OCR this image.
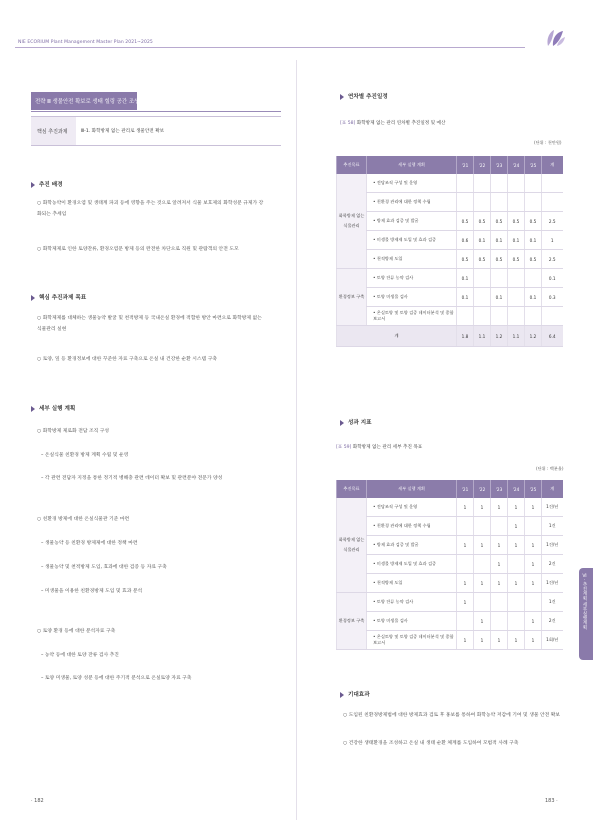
NIE ECORIUM Plant Management Master Plan 2021~2025
전략 Ⅲ 생물안전 확보로 생태 힐링 공간 조성
핵심 추진과제	Ⅲ-1. 화학방제 없는 관리로 생물안전 확보
추진 배경
○ 화학농약이 환경오염 및 생태계 파괴 등에 영향을 주는 것으로 알려져서 식물 보호제의 화학성분 규제가 강화되는 추세임
○ 화학제제로 인한 토양잔류, 환경오염문 방제 등의 완전한 차단으로 직원 및 관람객의 안전 도모
핵심 추진과제 목표
○ 화학제제를 대체하는 생물농약 발굴 및 천적방제 등 국내온실 환경에 적합한 방안 마련으로 화학방제 없는 식물관리 실현
○ 토양, 잎 등 환경정보에 대한 꾸준한 자료 구축으로 온실 내 건강한 순환 시스템 구축
세부 실행 계획
○ 화학방제 제로화 전담 조직 구성
– 온실식물 친환경 방제 계획 수립 및 운영
– 각 관련 전담자 지정을 통한 정기적 병해충 관련 데이터 확보 및 관련분야 전문가 양성
○ 친환경 방제에 대한 온실식물관 기준 마련
– 생물농약 등 친환경 방제제에 대한 정책 마련
– 생물농약 및 천적방제 도입, 효과에 대한 검증 등 자료 구축
– 미생물을 이용한 친환경방제 도입 및 효과 분석
○ 토양 환경 등에 대한 분석자료 구축
– 농약 등에 대한 토양 잔류 검사 추진
– 토양 미생물, 토양 성분 등에 대한 주기적 분석으로 온실토양 자료 구축
· 182
연차별 추진일정
[표 58] 화학방제 없는 관리 연차별 추진일정 및 예산
(단위 : 천만원)
추진목표	세부 실행 계획	'21	'22	'23	'24	'25	계
화학방제 없는 식물관리	• 전담조직 구성 및 운영						
	• 친환경 관리에 대한 정책 수립						
	• 방제 효과 검증 및 발굴	0.5	0.5	0.5	0.5	0.5	2.5
	• 미생물 방제제 도입 및 효과 검증	0.6	0.1	0.1	0.1	0.1	1
	• 천적방제 도입	0.5	0.5	0.5	0.5	0.5	2.5
환경정보 구축	• 토양 잔류 농약 검사	0.1					0.1
	• 토양 미생물 검사	0.1		0.1		0.1	0.3
	• 온실토양 및 토양 검증 데이터분석 및 종합보고서						
계		1.8	1.1	1.2	1.1	1.2	6.4
성과 지표
[표 59] 화학방제 없는 관리 세부 추진 목표
(단위 : 백분율)
추진목표	세부 실행 계획	'21	'22	'23	'24	'25	계
화학방제 없는 식물관리	• 전담조직 구성 및 운영	1	1	1	1	1	1건/년
	• 친환경 관리에 대한 정책 수립				1		1건
	• 방제 효과 검증 및 발굴	1	1	1	1	1	1건/년
	• 미생물 방제제 도입 및 효과 검증			1		1	2건
	• 천적방제 도입	1	1	1	1	1	1건/년
환경정보 구축	• 토양 잔류 농약 검사	1					1건
	• 토양 미생물 검사		1			1	2건
	• 온실토양 및 토양 검증 데이터분석 및 종합보고서	1	1	1	1	1	1회/년
기대효과
○ 도입된 친환경방제법에 대한 방제효과 검토 후 홍보를 통하여 화학농약 저감에 기여 및 생물 안전 확보
○ 건강한 생태환경을 조성하고 온실 내 생태 순환 체계를 도입하여 모범적 사례 구축
Ⅵ. 추진계획 세부실행계획
183 ·
